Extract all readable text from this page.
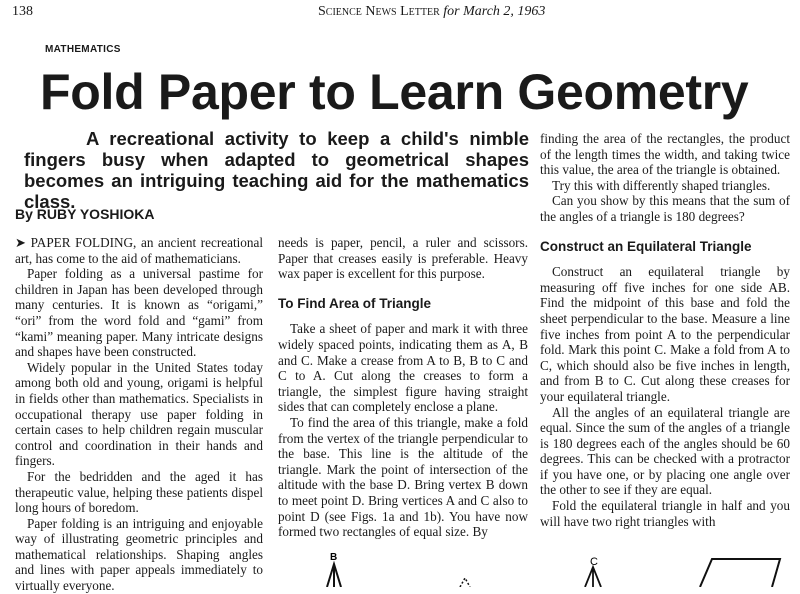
138	Science News Letter for March 2, 1963
MATHEMATICS
Fold Paper to Learn Geometry
A recreational activity to keep a child's nimble fingers busy when adapted to geometrical shapes becomes an intriguing teaching aid for the mathematics class.
By RUBY YOSHIOKA

➤ PAPER FOLDING, an ancient recreational art, has come to the aid of mathematicians.

Paper folding as a universal pastime for children in Japan has been developed through many centuries. It is known as “origami,” “ori” from the word fold and “gami” from “kami” meaning paper. Many intricate designs and shapes have been constructed.

Widely popular in the United States today among both old and young, origami is helpful in fields other than mathematics. Specialists in occupational therapy use paper folding in certain cases to help children regain muscular control and coordination in their hands and fingers.

For the bedridden and the aged it has therapeutic value, helping these patients dispel long hours of boredom.

Paper folding is an intriguing and enjoyable way of illustrating geometric principles and mathematical relationships. Shaping angles and lines with paper appeals immediately to virtually everyone.

needs is paper, pencil, a ruler and scissors. Paper that creases easily is preferable. Heavy wax paper is excellent for this purpose.

To Find Area of Triangle

Take a sheet of paper and mark it with three widely spaced points, indicating them as A, B and C. Make a crease from A to B, B to C and C to A. Cut along the creases to form a triangle, the simplest figure having straight sides that can completely enclose a plane.

To find the area of this triangle, make a fold from the vertex of the triangle perpendicular to the base. This line is the altitude of the triangle. Mark the point of intersection of the altitude with the base D. Bring vertex B down to meet point D. Bring vertices A and C also to point D (see Figs. 1a and 1b). You have now formed two rectangles of equal size. By

finding the area of the rectangles, the product of the length times the width, and taking twice this value, the area of the triangle is obtained.

Try this with differently shaped triangles.

Can you show by this means that the sum of the angles of a triangle is 180 degrees?

Construct an Equilateral Triangle

Construct an equilateral triangle by measuring off five inches for one side AB. Find the midpoint of this base and fold the sheet perpendicular to the base. Measure a line five inches from point A to the perpendicular fold. Mark this point C. Make a fold from A to C, which should also be five inches in length, and from B to C. Cut along these creases for your equilateral triangle.

All the angles of an equilateral triangle are equal. Since the sum of the angles of a triangle is 180 degrees each of the angles should be 60 degrees. This can be checked with a protractor if you have one, or by placing one angle over the other to see if they are equal.

Fold the equilateral triangle in half and you will have two right triangles with

B	C
